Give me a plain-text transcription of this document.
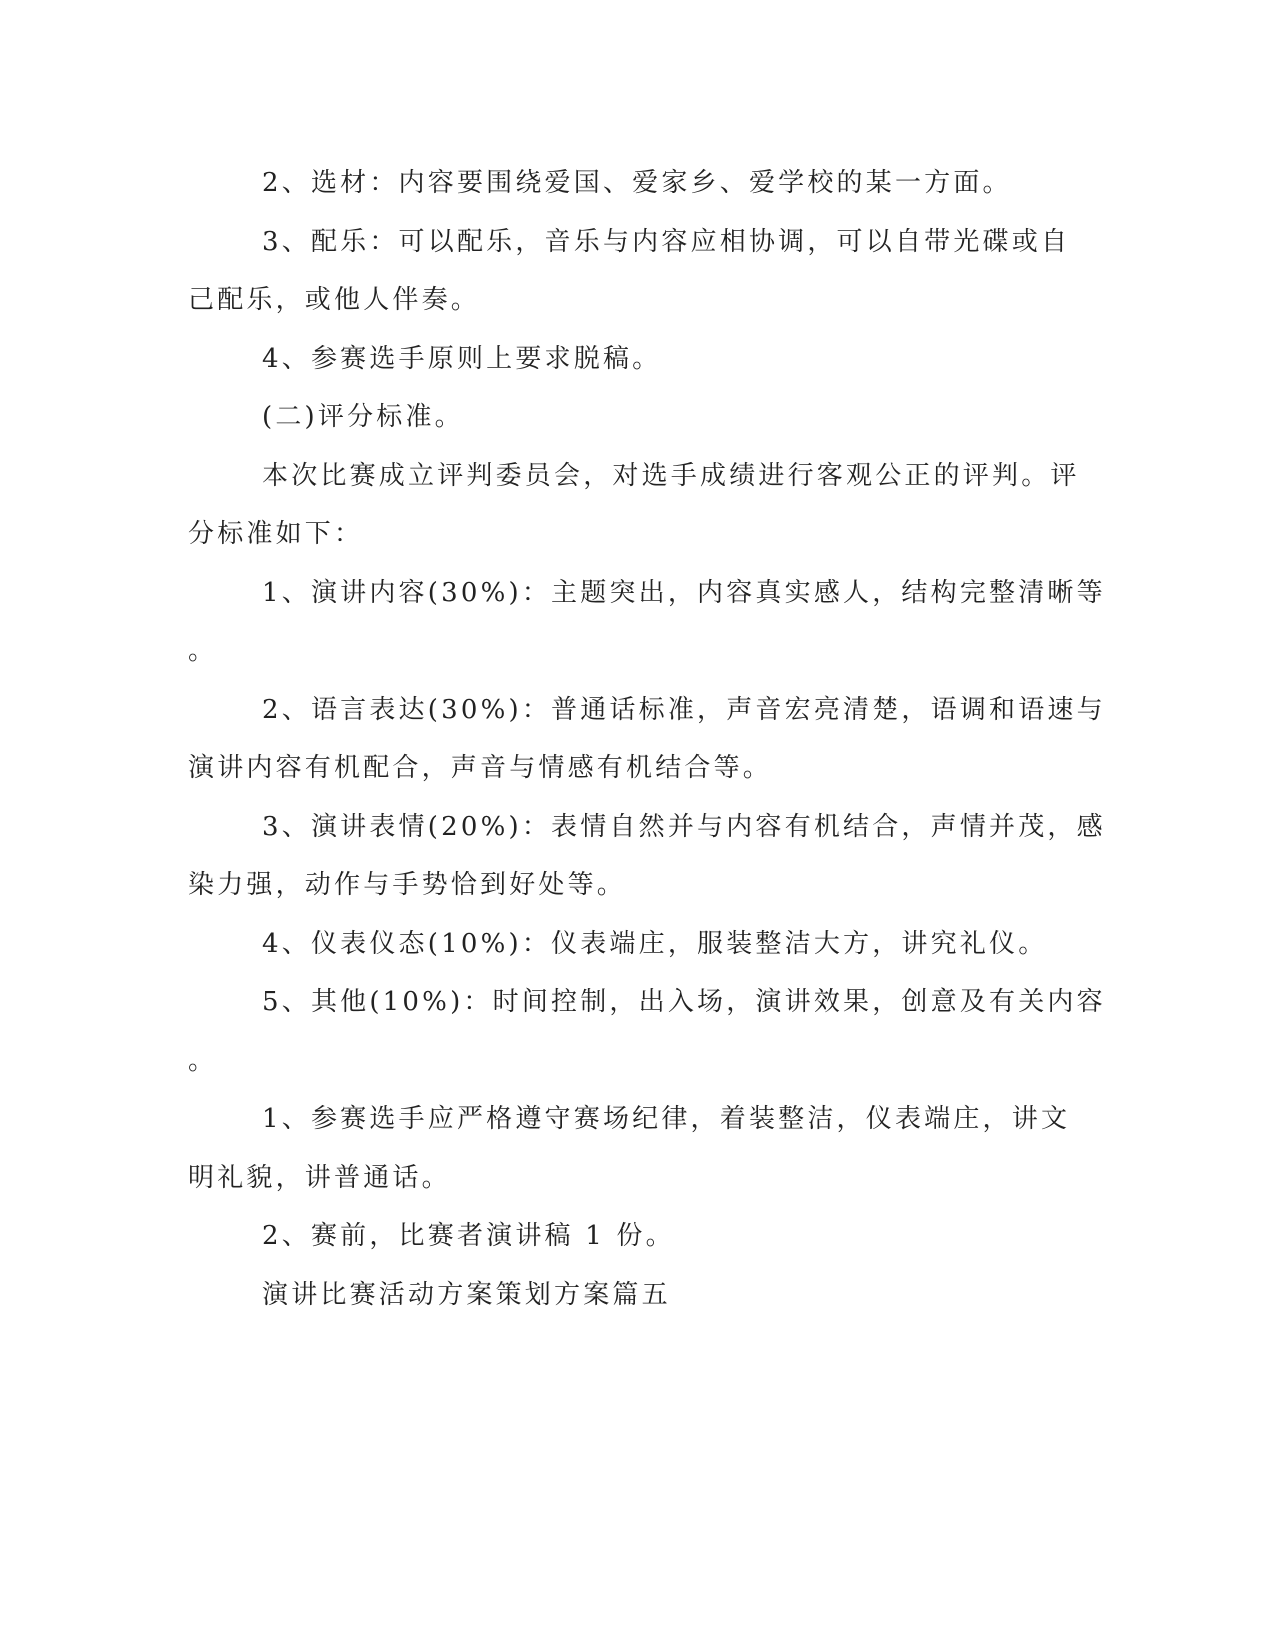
2、选材：内容要围绕爱国、爱家乡、爱学校的某一方面。
3、配乐：可以配乐，音乐与内容应相协调，可以自带光碟或自
己配乐，或他人伴奏。
4、参赛选手原则上要求脱稿。
(二)评分标准。
本次比赛成立评判委员会，对选手成绩进行客观公正的评判。评
分标准如下：
1、演讲内容(30%)：主题突出，内容真实感人，结构完整清晰等
。
2、语言表达(30%)：普通话标准，声音宏亮清楚，语调和语速与
演讲内容有机配合，声音与情感有机结合等。
3、演讲表情(20%)：表情自然并与内容有机结合，声情并茂，感
染力强，动作与手势恰到好处等。
4、仪表仪态(10%)：仪表端庄，服装整洁大方，讲究礼仪。
5、其他(10%)：时间控制，出入场，演讲效果，创意及有关内容
。
1、参赛选手应严格遵守赛场纪律，着装整洁，仪表端庄，讲文
明礼貌，讲普通话。
2、赛前，比赛者演讲稿 1 份。
演讲比赛活动方案策划方案篇五
